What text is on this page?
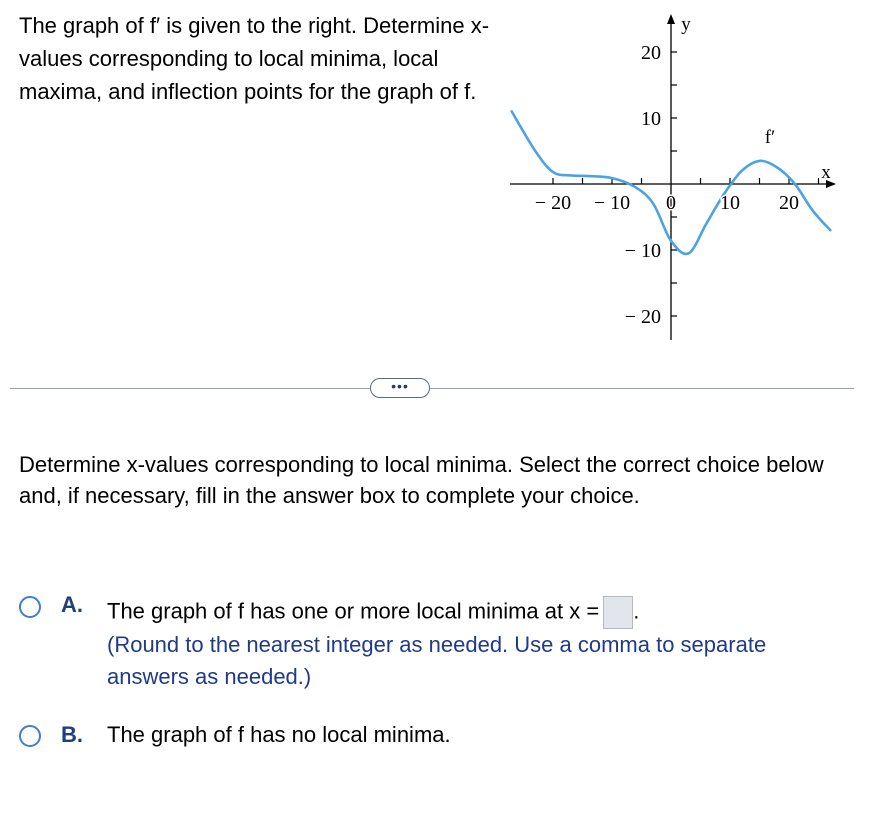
The graph of f′ is given to the right. Determine x-values corresponding to local minima, local maxima, and inflection points for the graph of f.

y
x
− 20 − 10 0 10 20
20
10
− 10
− 20
f′
•••

Determine x-values corresponding to local minima. Select the correct choice below and, if necessary, fill in the answer box to complete your choice.

A. The graph of f has one or more local minima at x = .
(Round to the nearest integer as needed. Use a comma to separate answers as needed.)
B. The graph of f has no local minima.
